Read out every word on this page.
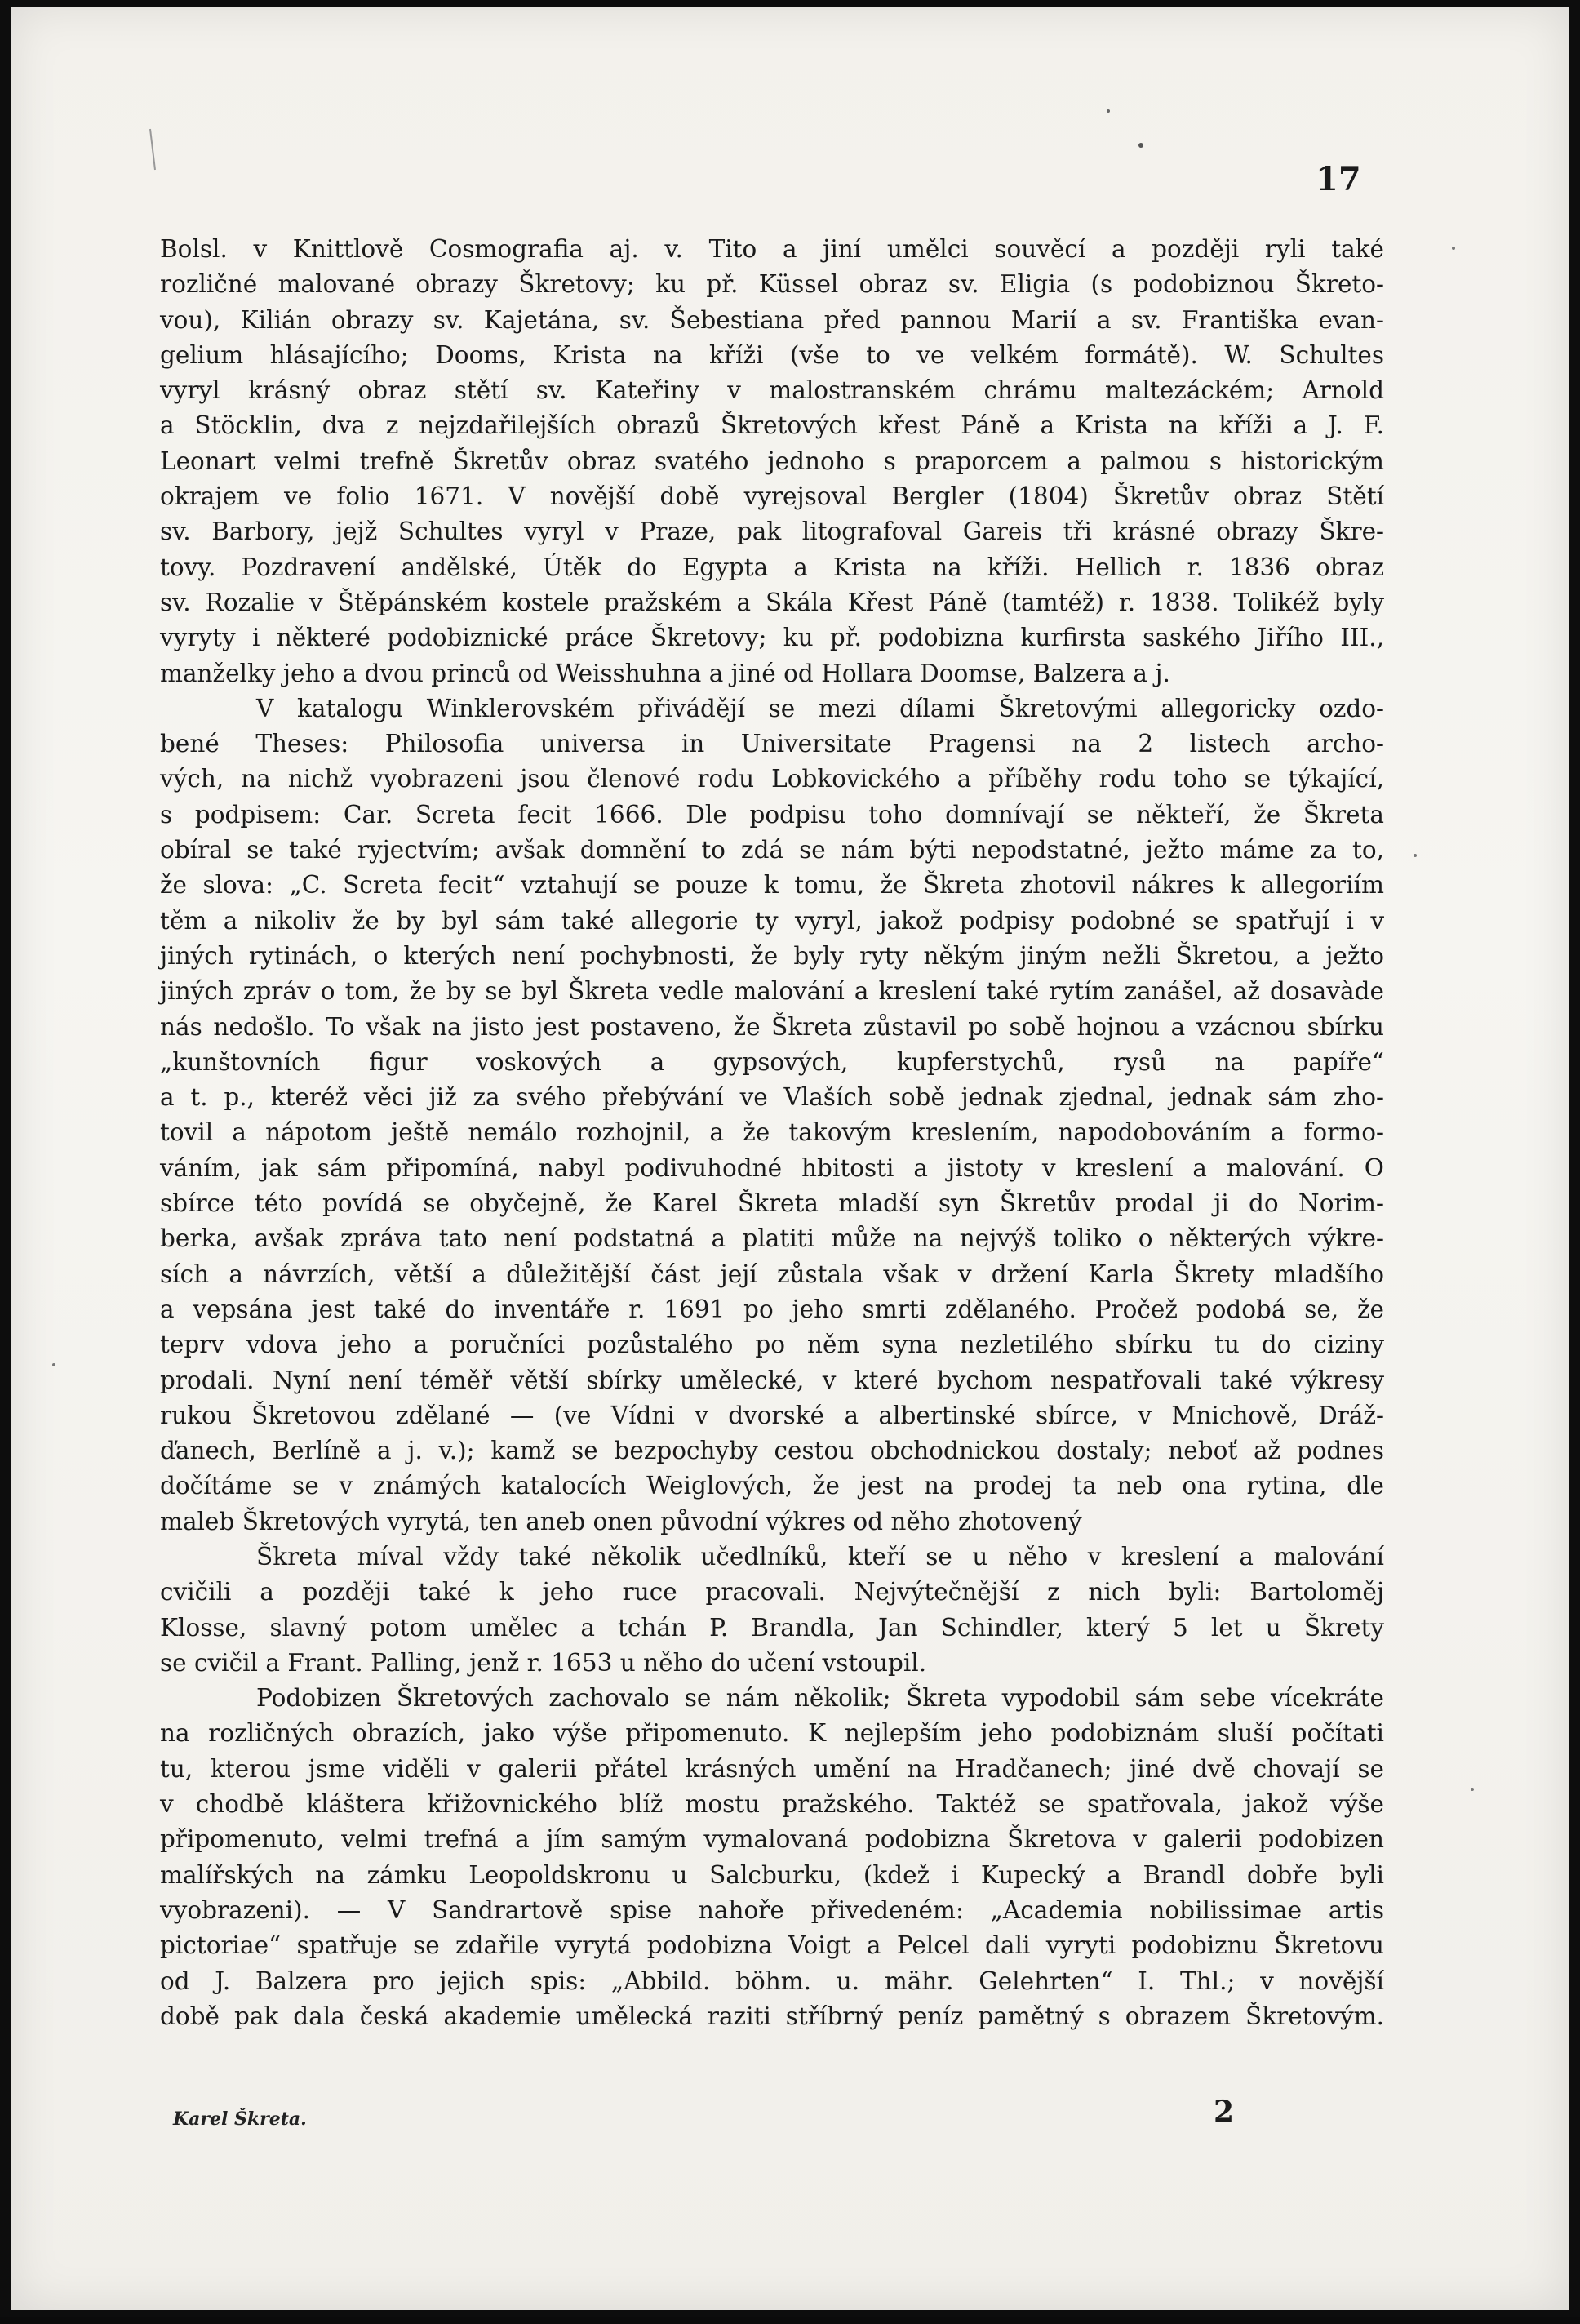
17
Bolsl. v Knittlově Cosmografia aj. v. Tito a jiní umělci souvěcí a později ryli také
rozličné malované obrazy Škretovy; ku př. Küssel obraz sv. Eligia (s podobiznou Škreto-
vou), Kilián obrazy sv. Kajetána, sv. Šebestiana před pannou Marií a sv. Františka evan-
gelium hlásajícího; Dooms, Krista na kříži (vše to ve velkém formátě). W. Schultes
vyryl krásný obraz stětí sv. Kateřiny v malostranském chrámu maltezáckém; Arnold
a Stöcklin, dva z nejzdařilejších obrazů Škretových křest Páně a Krista na kříži a J. F.
Leonart velmi trefně Škretův obraz svatého jednoho s praporcem a palmou s historickým
okrajem ve folio 1671. V novější době vyrejsoval Bergler (1804) Škretův obraz Stětí
sv. Barbory, jejž Schultes vyryl v Praze, pak litografoval Gareis tři krásné obrazy Škre-
tovy. Pozdravení andělské, Útěk do Egypta a Krista na kříži. Hellich r. 1836 obraz
sv. Rozalie v Štěpánském kostele pražském a Skála Křest Páně (tamtéž) r. 1838. Tolikéž byly
vyryty i některé podobiznické práce Škretovy; ku př. podobizna kurfirsta saského Jiřího III.,
manželky jeho a dvou princů od Weisshuhna a jiné od Hollara Doomse, Balzera a j.
V katalogu Winklerovském přivádějí se mezi dílami Škretovými allegoricky ozdo-
bené Theses: Philosofia universa in Universitate Pragensi na 2 listech archo-
vých, na nichž vyobrazeni jsou členové rodu Lobkovického a příběhy rodu toho se týkající,
s podpisem: Car. Screta fecit 1666. Dle podpisu toho domnívají se někteří, že Škreta
obíral se také ryjectvím; avšak domnění to zdá se nám býti nepodstatné, ježto máme za to,
že slova: „C. Screta fecit“ vztahují se pouze k tomu, že Škreta zhotovil nákres k allegoriím
těm a nikoliv že by byl sám také allegorie ty vyryl, jakož podpisy podobné se spatřují i v
jiných rytinách, o kterých není pochybnosti, že byly ryty někým jiným nežli Škretou, a ježto
jiných zpráv o tom, že by se byl Škreta vedle malování a kreslení také rytím zanášel, až dosavàde
nás nedošlo. To však na jisto jest postaveno, že Škreta zůstavil po sobě hojnou a vzácnou sbírku
„kunštovních figur voskových a gypsových, kupferstychů, rysů na papíře“
a t. p., kteréž věci již za svého přebývání ve Vlaších sobě jednak zjednal, jednak sám zho-
tovil a nápotom ještě nemálo rozhojnil, a že takovým kreslením, napodobováním a formo-
váním, jak sám připomíná, nabyl podivuhodné hbitosti a jistoty v kreslení a malování. O
sbírce této povídá se obyčejně, že Karel Škreta mladší syn Škretův prodal ji do Norim-
berka, avšak zpráva tato není podstatná a platiti může na nejvýš toliko o některých výkre-
sích a návrzích, větší a důležitější část její zůstala však v držení Karla Škrety mladšího
a vepsána jest také do inventáře r. 1691 po jeho smrti zdělaného. Pročež podobá se, že
teprv vdova jeho a poručníci pozůstalého po něm syna nezletilého sbírku tu do ciziny
prodali. Nyní není téměř větší sbírky umělecké, v které bychom nespatřovali také výkresy
rukou Škretovou zdělané — (ve Vídni v dvorské a albertinské sbírce, v Mnichově, Dráž-
ďanech, Berlíně a j. v.); kamž se bezpochyby cestou obchodnickou dostaly; neboť až podnes
dočítáme se v známých katalocích Weiglových, že jest na prodej ta neb ona rytina, dle
maleb Škretových vyrytá, ten aneb onen původní výkres od něho zhotovený
Škreta míval vždy také několik učedlníků, kteří se u něho v kreslení a malování
cvičili a později také k jeho ruce pracovali. Nejvýtečnější z nich byli: Bartoloměj
Klosse, slavný potom umělec a tchán P. Brandla, Jan Schindler, který 5 let u Škrety
se cvičil a Frant. Palling, jenž r. 1653 u něho do učení vstoupil.
Podobizen Škretových zachovalo se nám několik; Škreta vypodobil sám sebe vícekráte
na rozličných obrazích, jako výše připomenuto. K nejlepším jeho podobiznám sluší počítati
tu, kterou jsme viděli v galerii přátel krásných umění na Hradčanech; jiné dvě chovají se
v chodbě kláštera křižovnického blíž mostu pražského. Taktéž se spatřovala, jakož výše
připomenuto, velmi trefná a jím samým vymalovaná podobizna Škretova v galerii podobizen
malířských na zámku Leopoldskronu u Salcburku, (kdež i Kupecký a Brandl dobře byli
vyobrazeni). — V Sandrartově spise nahoře přivedeném: „Academia nobilissimae artis
pictoriae“ spatřuje se zdařile vyrytá podobizna Voigt a Pelcel dali vyryti podobiznu Škretovu
od J. Balzera pro jejich spis: „Abbild. böhm. u. mähr. Gelehrten“ I. Thl.; v novější
době pak dala česká akademie umělecká raziti stříbrný peníz pamětný s obrazem Škretovým.
2
Karel Škreta.
